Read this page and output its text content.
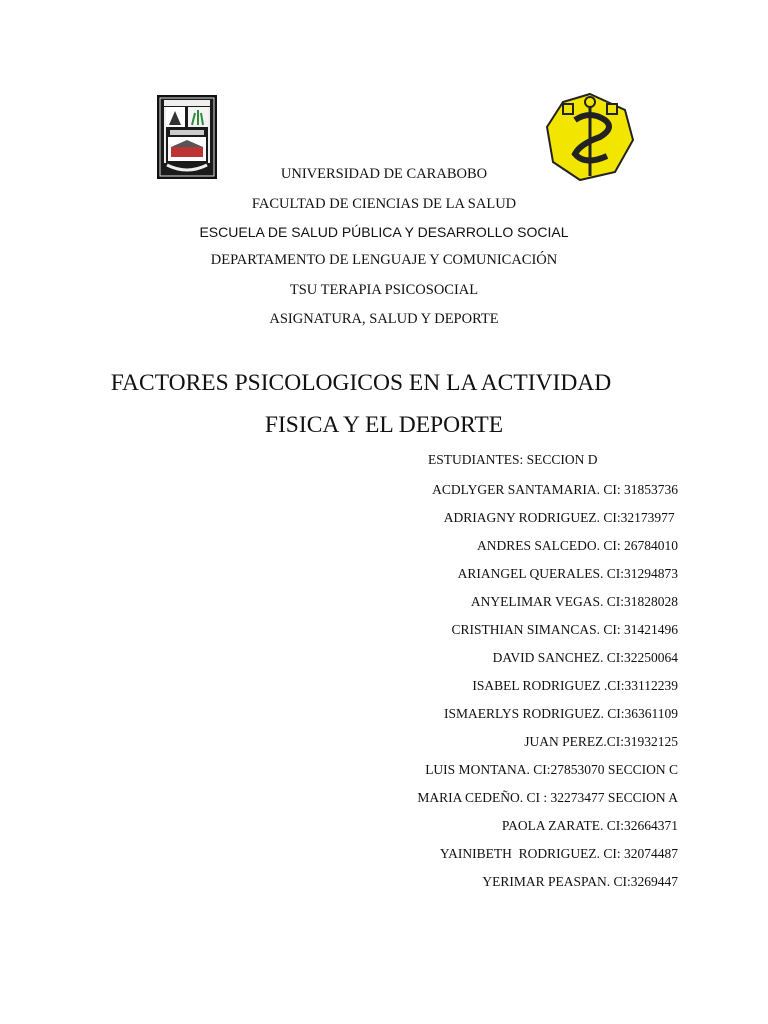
UNIVERSIDAD DE CARABOBO
FACULTAD DE CIENCIAS DE LA SALUD
ESCUELA DE SALUD PÚBLICA Y DESARROLLO SOCIAL
DEPARTAMENTO DE LENGUAJE Y COMUNICACIÓN
TSU TERAPIA PSICOSOCIAL
ASIGNATURA, SALUD Y DEPORTE
FACTORES PSICOLOGICOS EN LA ACTIVIDAD
FISICA Y EL DEPORTE
ESTUDIANTES: SECCION D
ACDLYGER SANTAMARIA. CI: 31853736
ADRIAGNY RODRIGUEZ. CI:32173977
ANDRES SALCEDO. CI: 26784010
ARIANGEL QUERALES. CI:31294873
ANYELIMAR VEGAS. CI:31828028
CRISTHIAN SIMANCAS. CI: 31421496
DAVID SANCHEZ. CI:32250064
ISABEL RODRIGUEZ .CI:33112239
ISMAERLYS RODRIGUEZ. CI:36361109
JUAN PEREZ.CI:31932125
LUIS MONTANA. CI:27853070 SECCION C
MARIA CEDEÑO. CI : 32273477 SECCION A
PAOLA ZARATE. CI:32664371
YAINIBETH  RODRIGUEZ. CI: 32074487
YERIMAR PEASPAN. CI:3269447
